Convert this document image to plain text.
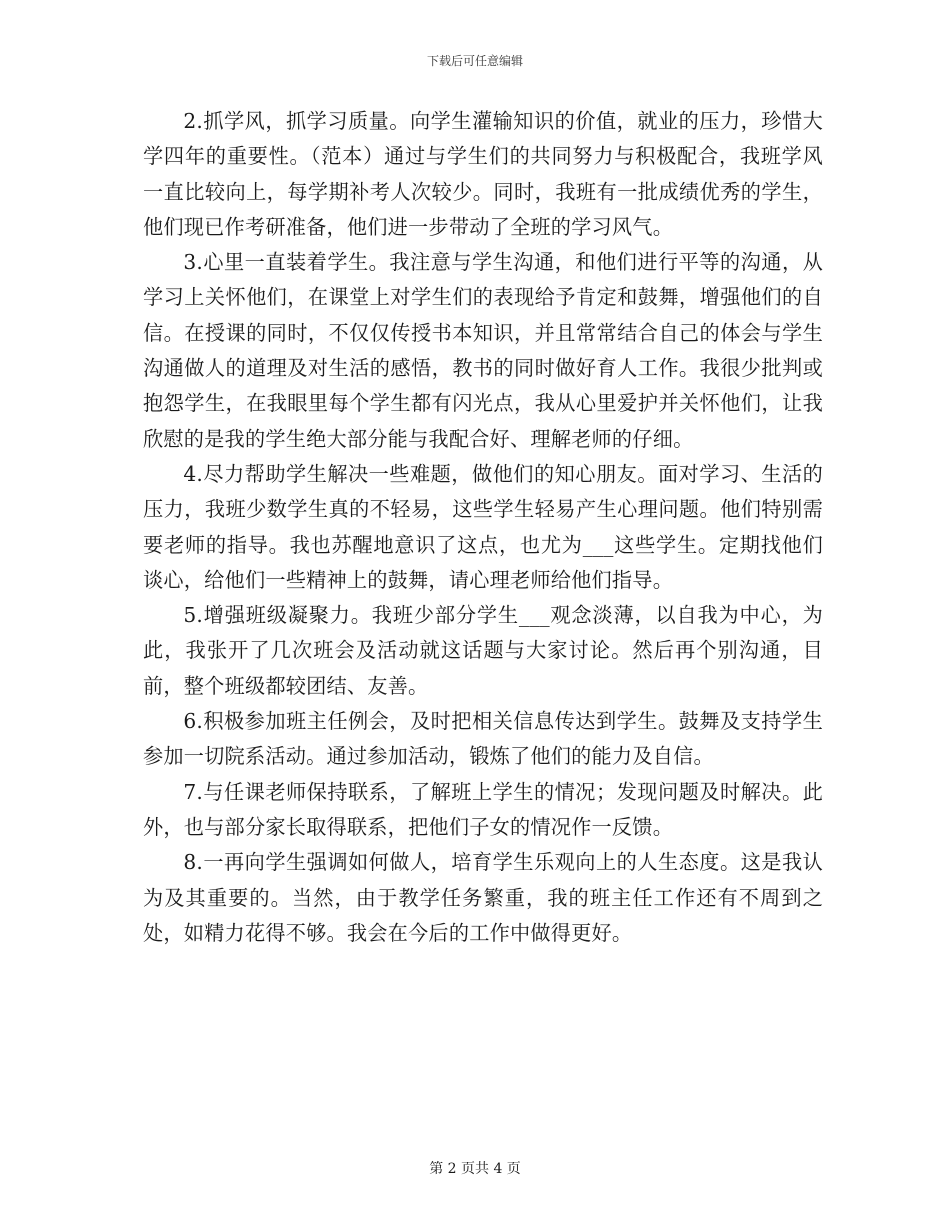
下载后可任意编辑

2.抓学风，抓学习质量。向学生灌输知识的价值，就业的压力，珍惜大学四年的重要性。（范本）通过与学生们的共同努力与积极配合，我班学风一直比较向上，每学期补考人次较少。同时，我班有一批成绩优秀的学生，他们现已作考研准备，他们进一步带动了全班的学习风气。

3.心里一直装着学生。我注意与学生沟通，和他们进行平等的沟通，从学习上关怀他们，在课堂上对学生们的表现给予肯定和鼓舞，增强他们的自信。在授课的同时，不仅仅传授书本知识，并且常常结合自己的体会与学生沟通做人的道理及对生活的感悟，教书的同时做好育人工作。我很少批判或抱怨学生，在我眼里每个学生都有闪光点，我从心里爱护并关怀他们，让我欣慰的是我的学生绝大部分能与我配合好、理解老师的仔细。

4.尽力帮助学生解决一些难题，做他们的知心朋友。面对学习、生活的压力，我班少数学生真的不轻易，这些学生轻易产生心理问题。他们特别需要老师的指导。我也苏醒地意识了这点，也尤为___这些学生。定期找他们谈心，给他们一些精神上的鼓舞，请心理老师给他们指导。

5.增强班级凝聚力。我班少部分学生___观念淡薄，以自我为中心，为此，我张开了几次班会及活动就这话题与大家讨论。然后再个别沟通，目前，整个班级都较团结、友善。

6.积极参加班主任例会，及时把相关信息传达到学生。鼓舞及支持学生参加一切院系活动。通过参加活动，锻炼了他们的能力及自信。

7.与任课老师保持联系，了解班上学生的情况；发现问题及时解决。此外，也与部分家长取得联系，把他们子女的情况作一反馈。

8.一再向学生强调如何做人，培育学生乐观向上的人生态度。这是我认为及其重要的。当然，由于教学任务繁重，我的班主任工作还有不周到之处，如精力花得不够。我会在今后的工作中做得更好。

第 2 页共 4 页
